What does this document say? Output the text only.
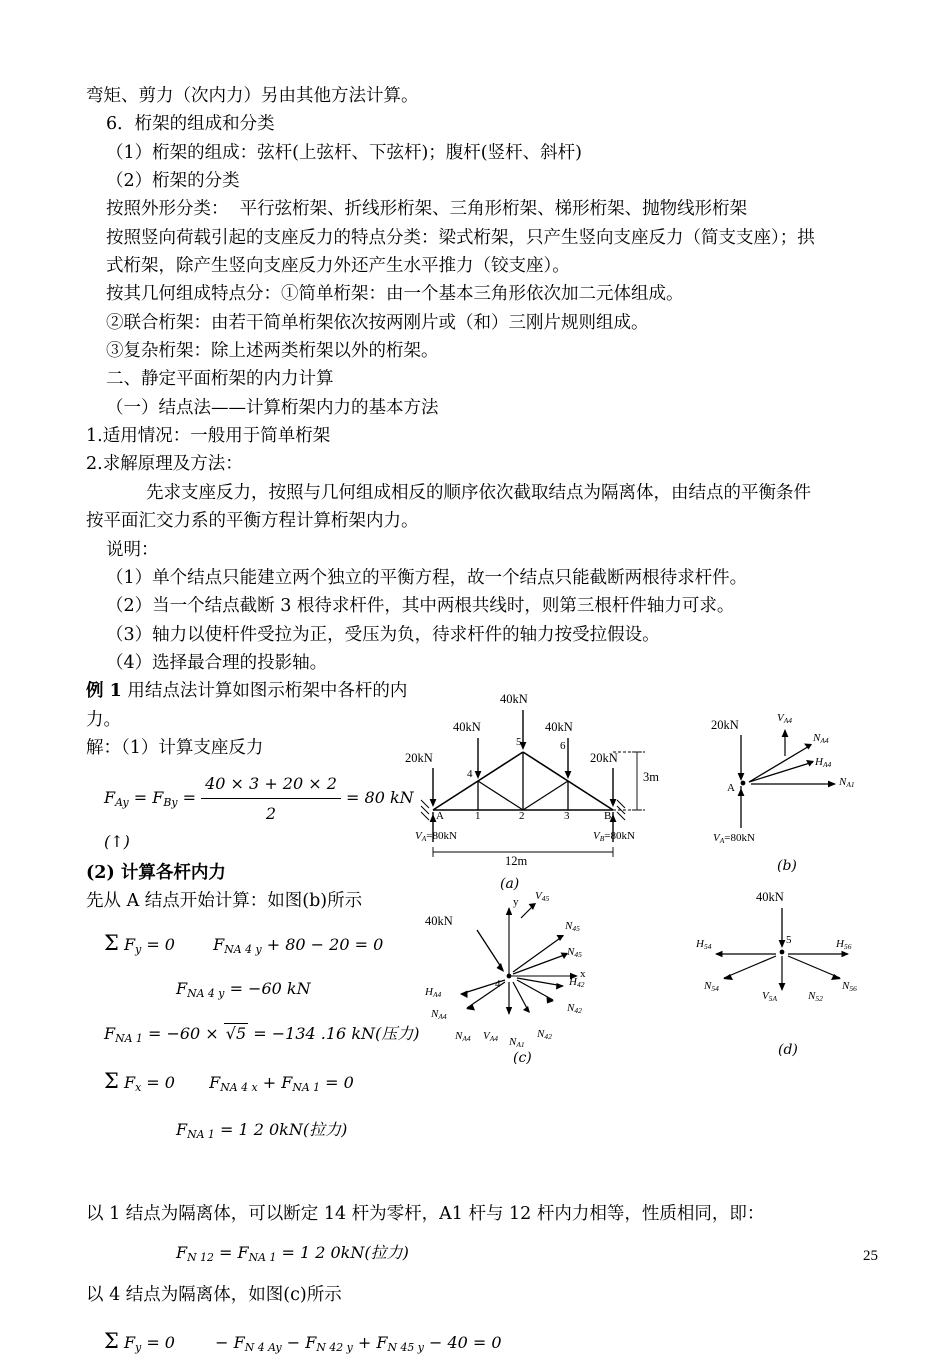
弯矩、剪力（次内力）另由其他方法计算。
6．桁架的组成和分类
（1）桁架的组成：弦杆(上弦杆、下弦杆)；腹杆(竖杆、斜杆)
（2）桁架的分类
按照外形分类：  平行弦桁架、折线形桁架、三角形桁架、梯形桁架、抛物线形桁架
按照竖向荷载引起的支座反力的特点分类：梁式桁架，只产生竖向支座反力（简支支座）；拱
式桁架，除产生竖向支座反力外还产生水平推力（铰支座）。
按其几何组成特点分：①简单桁架：由一个基本三角形依次加二元体组成。
②联合桁架：由若干简单桁架依次按两刚片或（和）三刚片规则组成。
③复杂桁架：除上述两类桁架以外的桁架。
二、静定平面桁架的内力计算
（一）结点法——计算桁架内力的基本方法
1.适用情况：一般用于简单桁架
2.求解原理及方法：
先求支座反力，按照与几何组成相反的顺序依次截取结点为隔离体，由结点的平衡条件
按平面汇交力系的平衡方程计算桁架内力。
说明：
（1）单个结点只能建立两个独立的平衡方程，故一个结点只能截断两根待求杆件。
（2）当一个结点截断 3 根待求杆件，其中两根共线时，则第三根杆件轴力可求。
（3）轴力以使杆件受拉为正，受压为负，待求杆件的轴力按受拉假设。
（4）选择最合理的投影轴。
例 1 用结点法计算如图示桁架中各杆的内力。
解：（1）计算支座反力
$F_{Ay} = F_{By} = \frac{40 \times 3 + 20 \times 2}{2} = 80$ kN (↑)
(2) 计算各杆内力
先从 A 结点开始计算：如图(b)所示
Σ $F_y = 0$ $F_{NA 4 y} + 80 - 20 = 0$
$F_{NA 4 y} = -60$ kN
$F_{NA 1} = -60 \times √5 = -134$ .16 kN(压力)
Σ $F_x = 0$ $F_{NA 4 x} + F_{NA 1} = 0$
$F_{NA 1} = 1$ 2 0kN(拉力)
以 1 结点为隔离体，可以断定 14 杆为零杆，A1 杆与 12 杆内力相等，性质相同，即：
$F_{N 12} = F_{NA 1} = 1$ 2 0kN(拉力)
以 4 结点为隔离体，如图(c)所示
Σ $F_y = 0$	− $F_{N 4 Ay} - F_{N 42 y} + F_{N 45 y} - 40 = 0$
40kN
40kN
40kN
20kN	20kN
A	1	2	3	B
4
5	6
$V_A=80kN$	$V_B=80kN$
12m
3m
(a)
20kN
A
$V_A=80kN$
$V_{A4}$
$N_{A4}$
$H_{A4}$
$N_{A1}$
(b)
y
x
40kN
4
$V_{45}$
$N_{45}$
$N_{45}$
$H_{A4}$
$N_{A4}$
$N_{A4}$ $V_{A4}$ $N_{A1}$
$N_{42}$
$N_{42}$
$H_{42}$
(c)
40kN
5
$H_{54}$
$N_{54}$
$V_{5A}$	$N_{52}$
$H_{56}$
$N_{56}$
(d)
25
